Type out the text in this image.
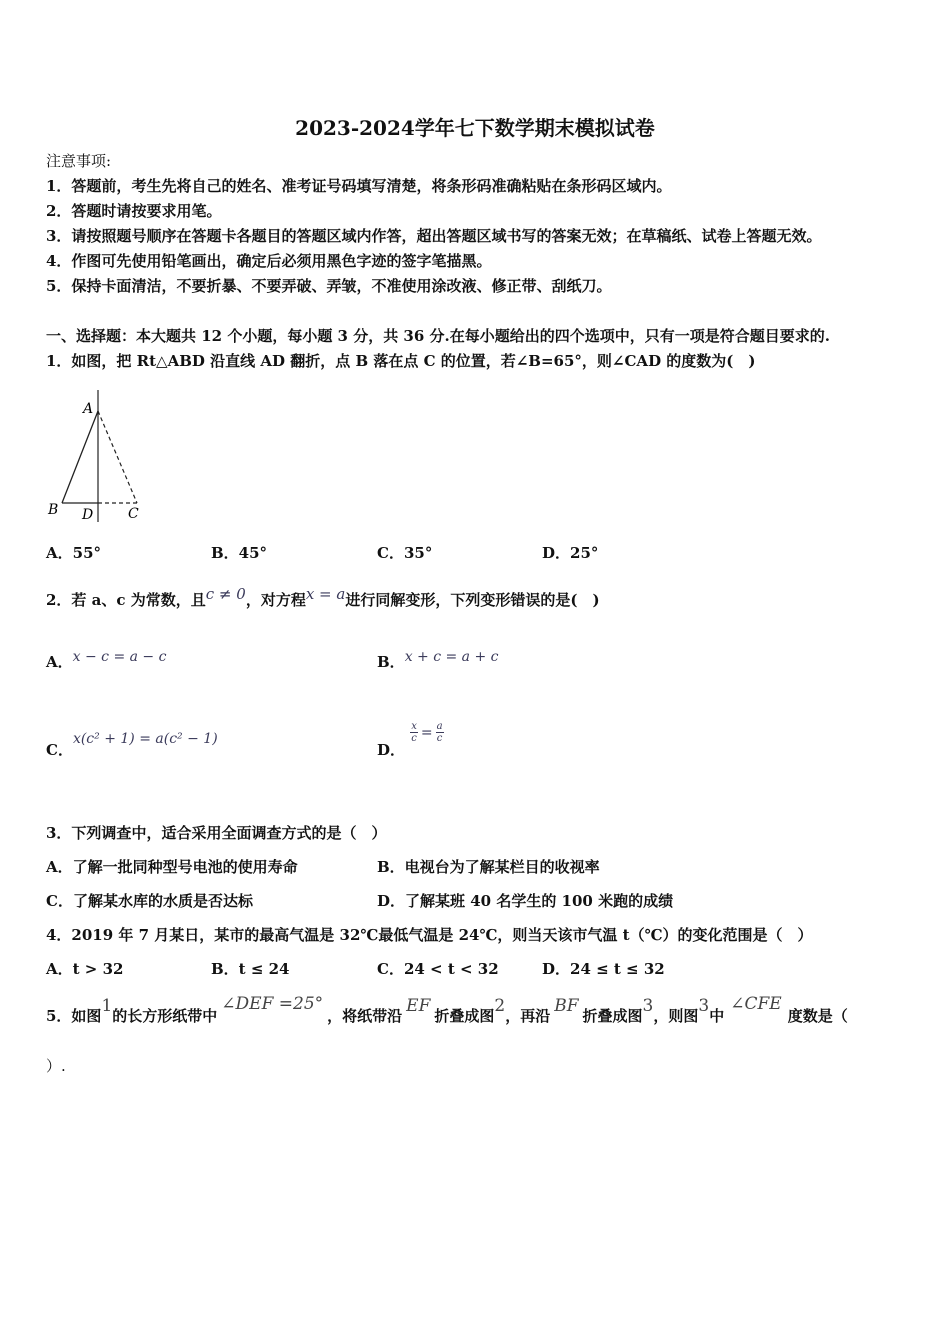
2023-2024学年七下数学期末模拟试卷
注意事项:
1．答题前，考生先将自己的姓名、准考证号码填写清楚，将条形码准确粘贴在条形码区域内。
2．答题时请按要求用笔。
3．请按照题号顺序在答题卡各题目的答题区域内作答，超出答题区域书写的答案无效；在草稿纸、试卷上答题无效。
4．作图可先使用铅笔画出，确定后必须用黑色字迹的签字笔描黑。
5．保持卡面清洁，不要折暴、不要弄破、弄皱，不准使用涂改液、修正带、刮纸刀。
一、选择题：本大题共 12 个小题，每小题 3 分，共 36 分.在每小题给出的四个选项中，只有一项是符合题目要求的.
1．如图，把 Rt△ABD 沿直线 AD 翻折，点 B 落在点 C 的位置，若∠B=65°，则∠CAD 的度数为(　)
A
B D C
A．55°	B．45°	C．35°	D．25°
2．若 a、c 为常数，且c ≠ 0，对方程x = a进行同解变形，下列变形错误的是(　)
A．x − c = a − c	B．x + c = a + c
C．x(c² + 1) = a(c² − 1)
D．
$\frac{x}{c} = \frac{a}{c}$
3．下列调查中，适合采用全面调查方式的是（　）
A．了解一批同种型号电池的使用寿命	B．电视台为了解某栏目的收视率
C．了解某水库的水质是否达标	D．了解某班 40 名学生的 100 米跑的成绩
4．2019 年 7 月某日，某市的最高气温是 32℃最低气温是 24℃，则当天该市气温 t（℃）的变化范围是（　）
A．t > 32	B．t ≤ 24	C．24 < t < 32	D．24 ≤ t ≤ 32
5．如图1的长方形纸带中∠DEF =25°，将纸带沿 EF 折叠成图2，再沿 BF 折叠成图3，则图3中∠CFE度数是（
）.
